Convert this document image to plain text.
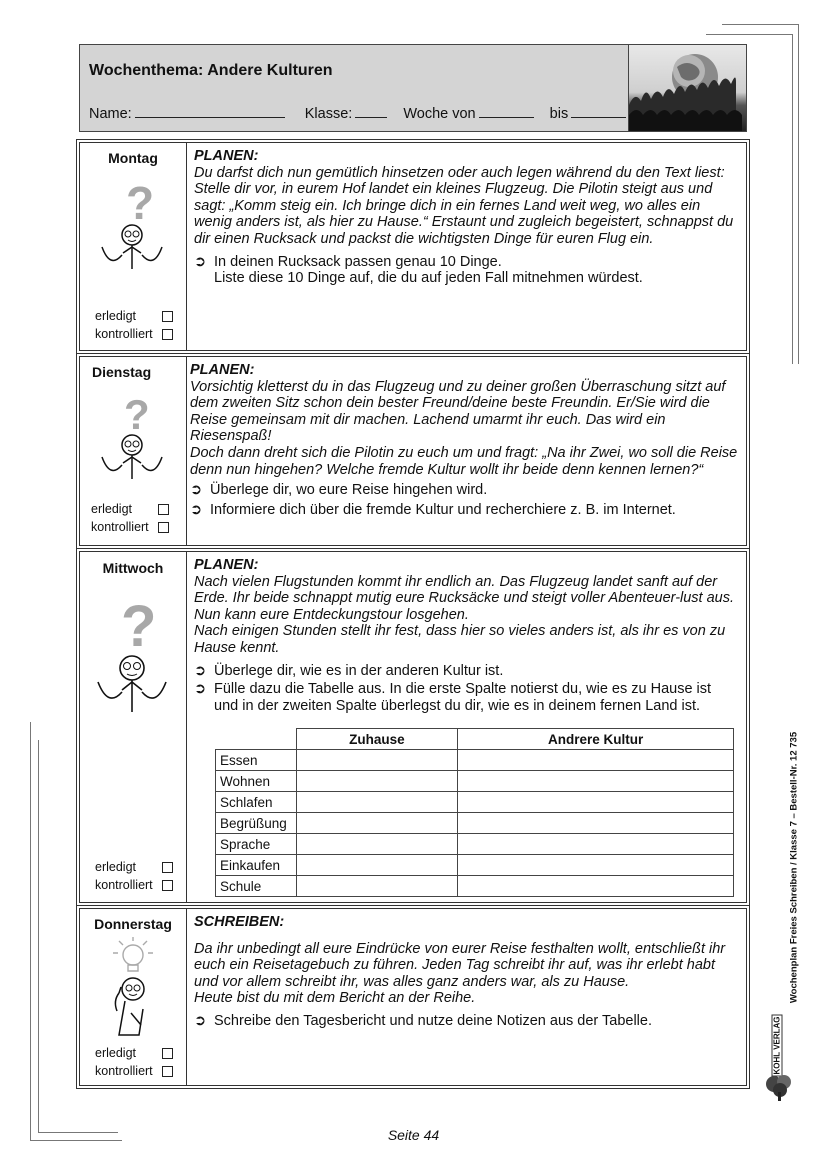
Wochenthema: Andere Kulturen
Name:	Klasse:	Woche von	bis
Montag
?
erledigt
kontrolliert
PLANEN:
Du darfst dich nun gemütlich hinsetzen oder auch legen während du den Text liest:
Stelle dir vor, in eurem Hof landet ein kleines Flugzeug. Die Pilotin steigt aus und sagt: „Komm steig ein. Ich bringe dich in ein fernes Land weit weg, wo alles ein wenig anders ist, als hier zu Hause.“ Erstaunt und zugleich begeistert, schnappst du dir einen Rucksack und packst die wichtigsten Dinge für euren Flug ein.
➲ In deinen Rucksack passen genau 10 Dinge.
Liste diese 10 Dinge auf, die du auf jeden Fall mitnehmen würdest.
Dienstag
?
erledigt
kontrolliert
PLANEN:
Vorsichtig kletterst du in das Flugzeug und zu deiner großen Überraschung sitzt auf dem zweiten Sitz schon dein bester Freund/deine beste Freundin. Er/Sie wird die Reise gemeinsam mit dir machen. Lachend umarmt ihr euch. Das wird ein Riesenspaß!
Doch dann dreht sich die Pilotin zu euch um und fragt: „Na ihr Zwei, wo soll die Reise denn nun hingehen? Welche fremde Kultur wollt ihr beide denn kennen lernen?“
➲ Überlege dir, wo eure Reise hingehen wird.
➲ Informiere dich über die fremde Kultur und recherchiere z. B. im Internet.
Mittwoch
?
erledigt
kontrolliert
PLANEN:
Nach vielen Flugstunden kommt ihr endlich an. Das Flugzeug landet sanft auf der Erde. Ihr beide schnappt mutig eure Rucksäcke und steigt voller Abenteuer-lust aus. Nun kann eure Entdeckungstour losgehen.
Nach einigen Stunden stellt ihr fest, dass hier so vieles anders ist, als ihr es von zu Hause kennt.
➲ Überlege dir, wie es in der anderen Kultur ist.
➲ Fülle dazu die Tabelle aus. In die erste Spalte notierst du, wie es zu Hause ist und in der zweiten Spalte überlegst du dir, wie es in deinem fernen Land ist.
	Zuhause	Andrere Kultur
Essen		
Wohnen		
Schlafen		
Begrüßung		
Sprache		
Einkaufen		
Schule		
Donnerstag
erledigt
kontrolliert
SCHREIBEN:
Da ihr unbedingt all eure Eindrücke von eurer Reise festhalten wollt, entschließt ihr euch ein Reisetagebuch zu führen. Jeden Tag schreibt ihr auf, was ihr erlebt habt und vor allem schreibt ihr, was alles ganz anders war, als zu Hause.
Heute bist du mit dem Bericht an der Reihe.
➲ Schreibe den Tagesbericht und nutze deine Notizen aus der Tabelle.
Wochenplan Freies Schreiben / Klasse 7 – Bestell-Nr. 12 735
KOHL VERLAG
Seite 44
